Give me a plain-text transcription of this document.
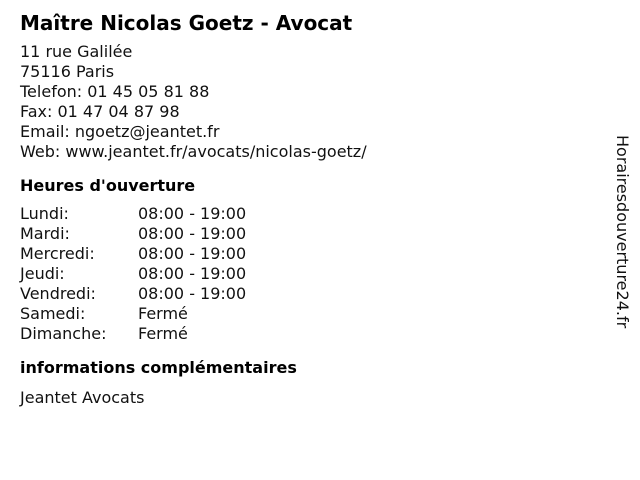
Maître Nicolas Goetz - Avocat
11 rue Galilée
75116 Paris
Telefon: 01 45 05 81 88
Fax: 01 47 04 87 98
Email: ngoetz@jeantet.fr
Web: www.jeantet.fr/avocats/nicolas-goetz/
Heures d'ouverture
Lundi:	08:00 - 19:00
Mardi:	08:00 - 19:00
Mercredi:	08:00 - 19:00
Jeudi:	08:00 - 19:00
Vendredi:	08:00 - 19:00
Samedi:	Fermé
Dimanche:	Fermé
informations complémentaires
Jeantet Avocats
Horairesdouverture24.fr
